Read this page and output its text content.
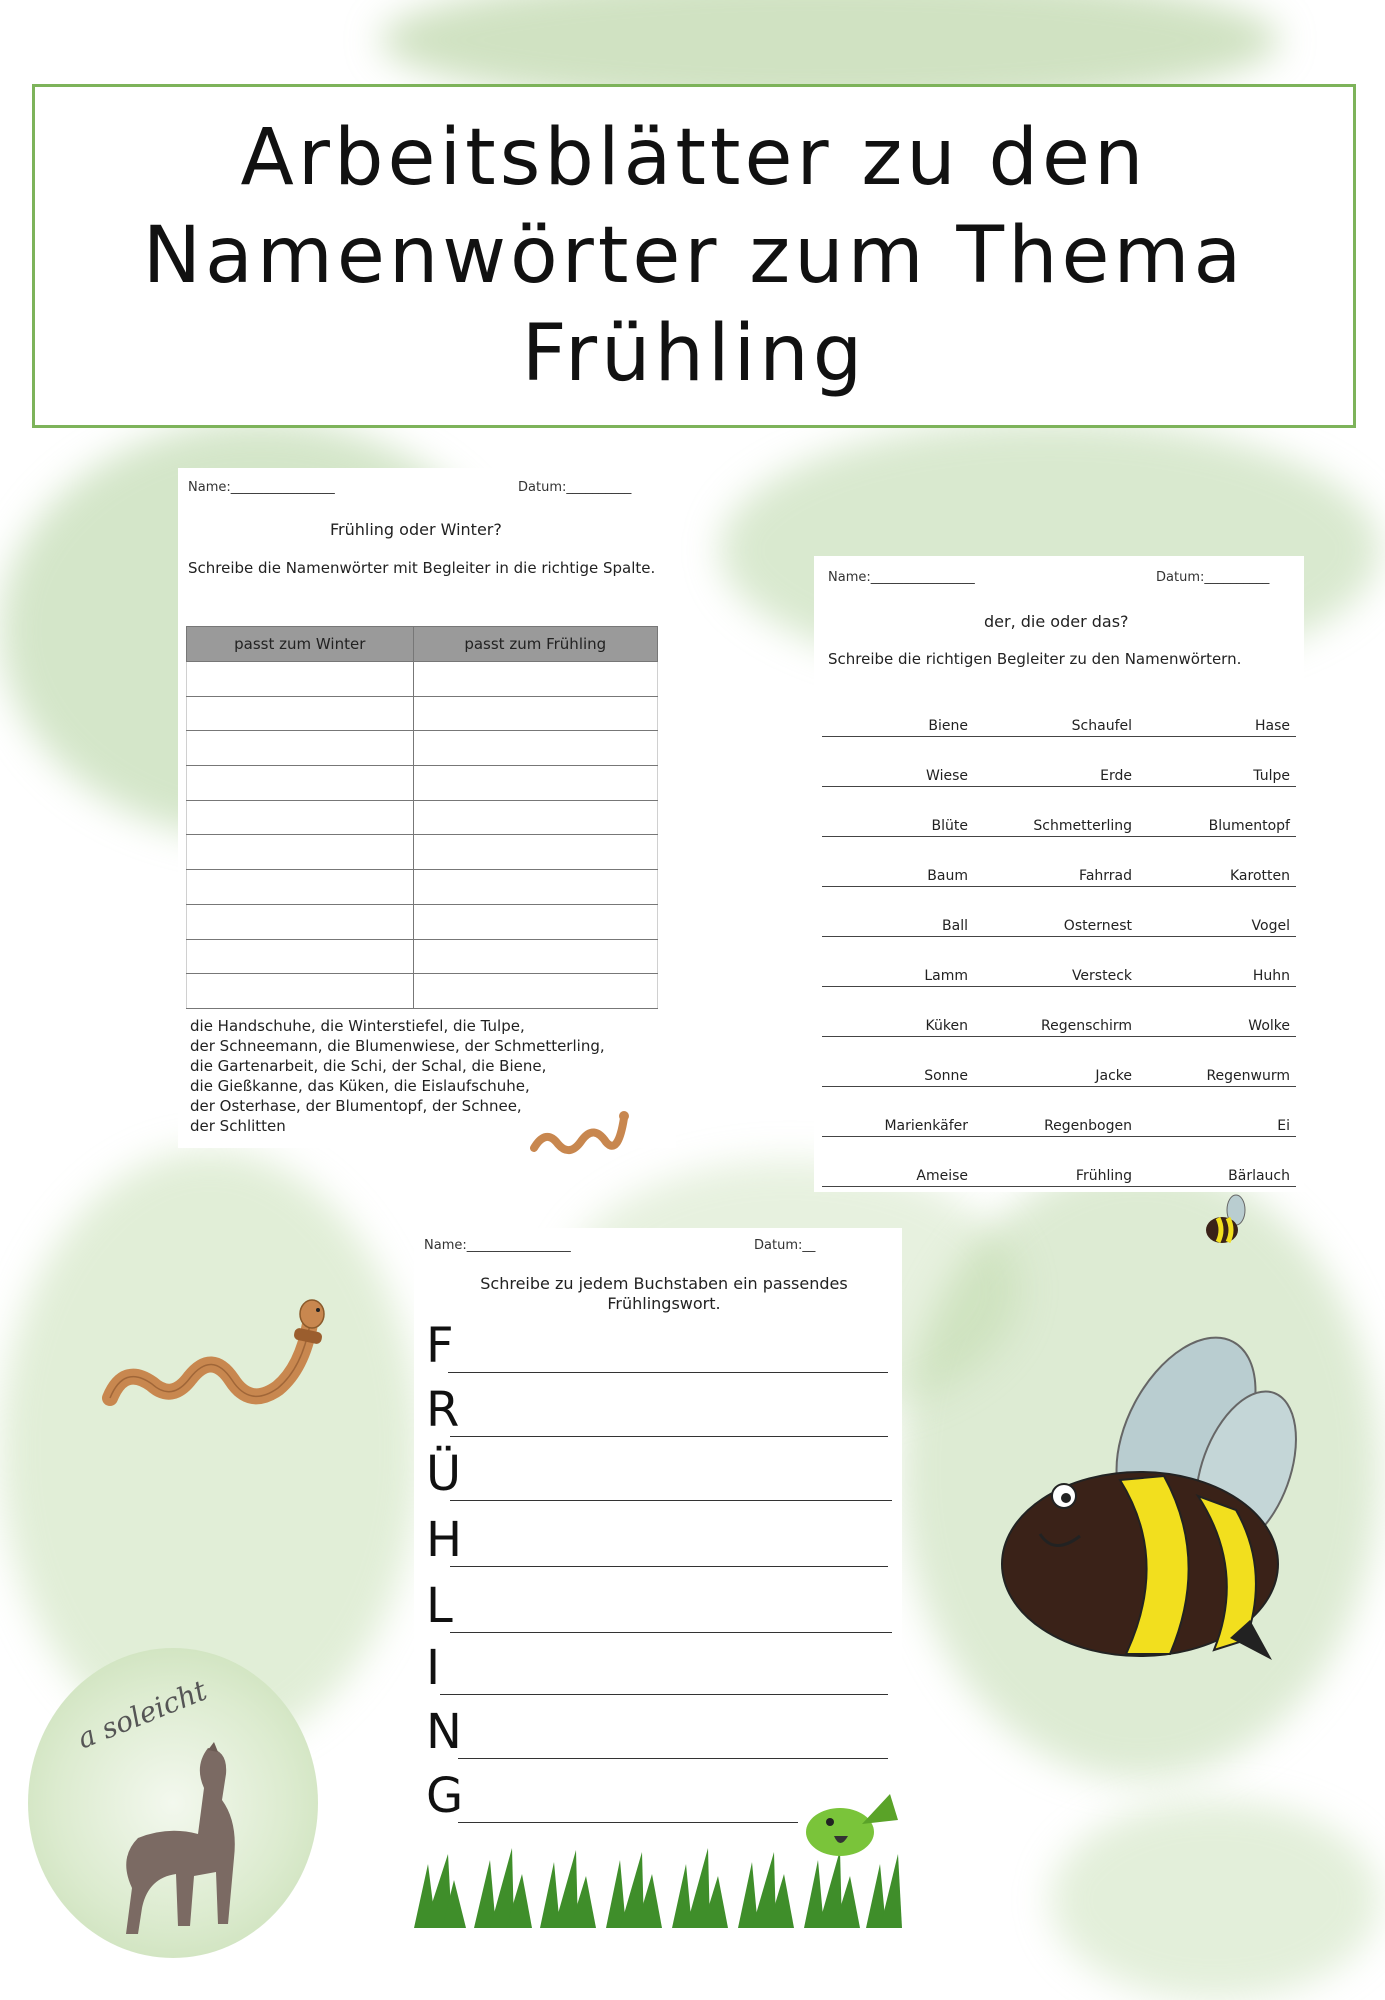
Arbeitsblätter zu den
Namenwörter zum Thema
Frühling
Name:________________	Datum:__________
Frühling oder Winter?
Schreibe die Namenwörter mit Begleiter in die richtige Spalte.
passt zum Winter	passt zum Frühling

die Handschuhe, die Winterstiefel, die Tulpe,
der Schneemann, die Blumenwiese, der Schmetterling,
die Gartenarbeit, die Schi, der Schal, die Biene,
die Gießkanne, das Küken, die Eislaufschuhe,
der Osterhase, der Blumentopf, der Schnee,
der Schlitten
Name:________________	Datum:__________
der, die oder das?
Schreibe die richtigen Begleiter zu den Namenwörtern.
Biene	Schaufel	Hase
Wiese	Erde	Tulpe
Blüte	Schmetterling	Blumentopf
Baum	Fahrrad	Karotten
Ball	Osternest	Vogel
Lamm	Versteck	Huhn
Küken	Regenschirm	Wolke
Sonne	Jacke	Regenwurm
Marienkäfer	Regenbogen	Ei
Ameise	Frühling	Bärlauch
Name:________________	Datum:__
Schreibe zu jedem Buchstaben ein passendes
Frühlingswort.
F
R
Ü
H
L
I
N
G
a soleicht
